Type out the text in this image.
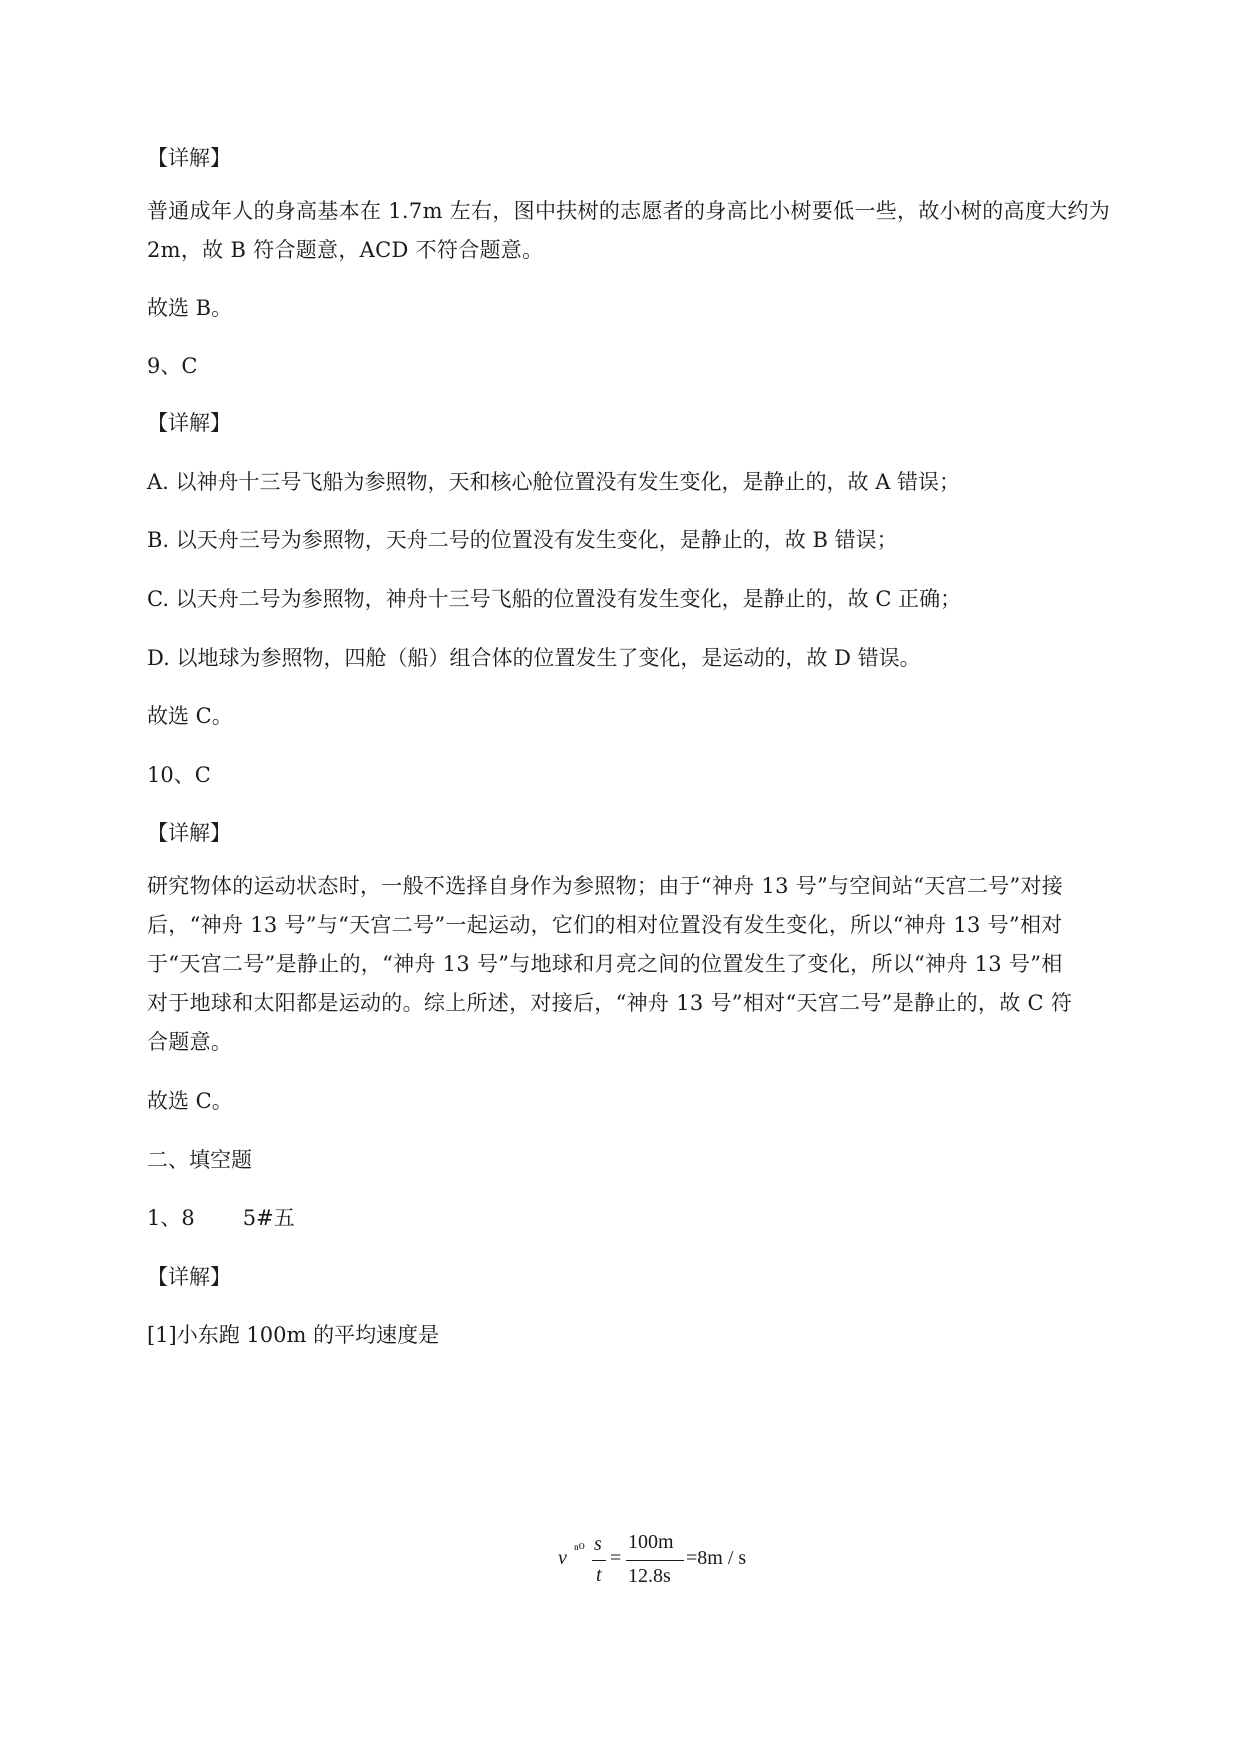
【详解】
普通成年人的身高基本在 1.7m 左右，图中扶树的志愿者的身高比小树要低一些，故小树的高度大约为
2m，故 B 符合题意，ACD 不符合题意。
故选 B。
9、C
【详解】
A. 以神舟十三号飞船为参照物，天和核心舱位置没有发生变化，是静止的，故 A 错误；
B. 以天舟三号为参照物，天舟二号的位置没有发生变化，是静止的，故 B 错误；
C. 以天舟二号为参照物，神舟十三号飞船的位置没有发生变化，是静止的，故 C 正确；
D. 以地球为参照物，四舱（船）组合体的位置发生了变化，是运动的，故 D 错误。
故选 C。
10、C
【详解】
研究物体的运动状态时，一般不选择自身作为参照物；由于“神舟 13 号”与空间站“天宫二号”对接
后，“神舟 13 号”与“天宫二号”一起运动，它们的相对位置没有发生变化，所以“神舟 13 号”相对
于“天宫二号”是静止的，“神舟 13 号”与地球和月亮之间的位置发生了变化，所以“神舟 13 号”相
对于地球和太阳都是运动的。综上所述，对接后，“神舟 13 号”相对“天宫二号”是静止的，故 C 符
合题意。
故选 C。
二、填空题
1、8 5#五
【详解】
[1]小东跑 100m 的平均速度是
v ⁿ⁰ s
t
=
100m
12.8s
=8m / s
